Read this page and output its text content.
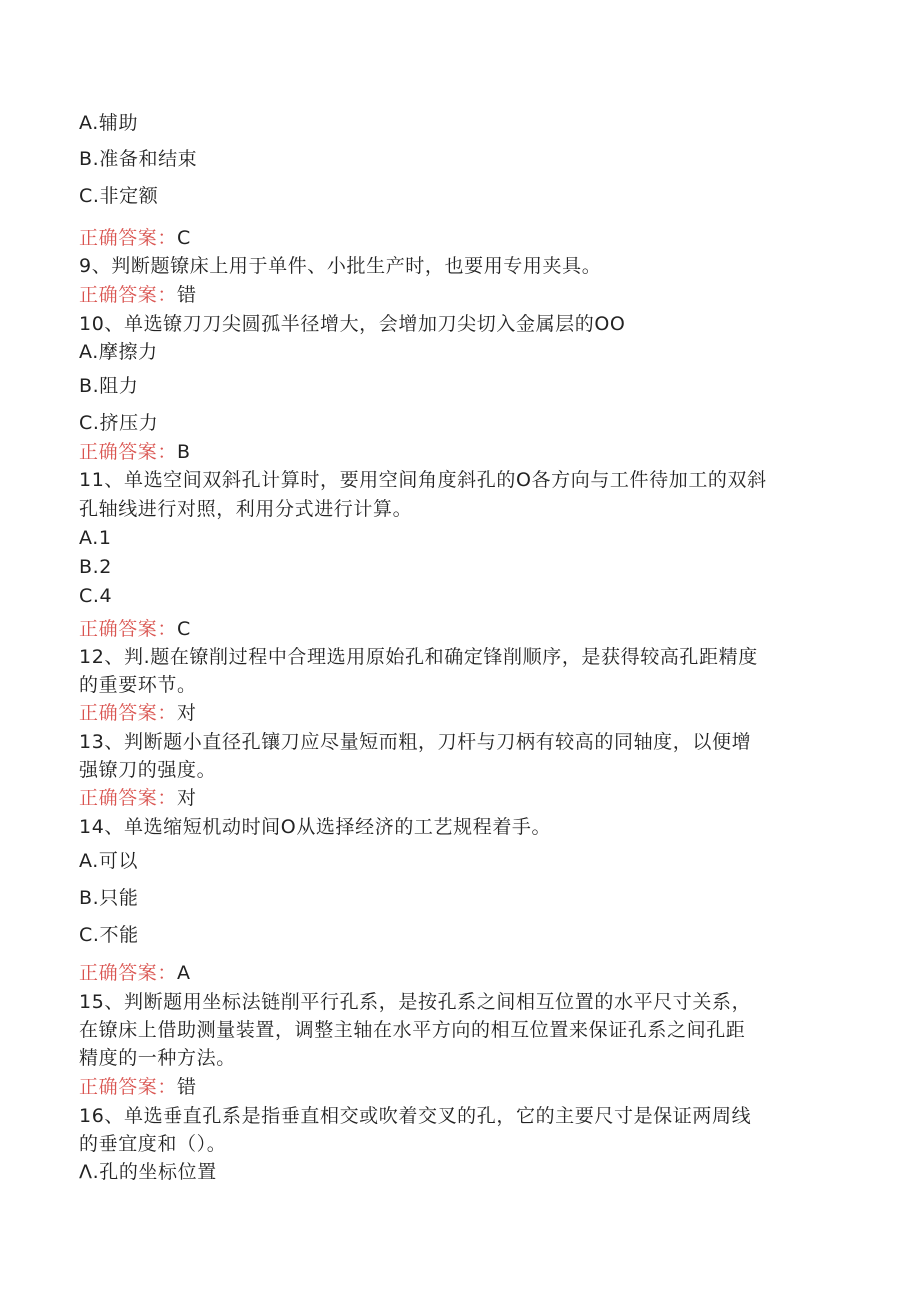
A.辅助
B.准备和结束
C.非定额
正确答案：C
9、判断题镣床上用于单件、小批生产时，也要用专用夹具。
正确答案：错
10、单选镣刀刀尖圆孤半径增大，会增加刀尖切入金属层的OO
A.摩擦力
B.阻力
C.挤压力
正确答案：B
11、单选空间双斜孔计算时，要用空间角度斜孔的O各方向与工件待加工的双斜
孔轴线进行对照，利用分式进行计算。
A.1
B.2
C.4
正确答案：C
12、判.题在镣削过程中合理选用原始孔和确定锋削顺序，是获得较高孔距精度
的重要环节。
正确答案：对
13、判断题小直径孔镶刀应尽量短而粗，刀杆与刀柄有较高的同轴度，以便增
强镣刀的强度。
正确答案：对
14、单选缩短机动时间O从选择经济的工艺规程着手。
A.可以
B.只能
C.不能
正确答案：A
15、判断题用坐标法链削平行孔系，是按孔系之间相互位置的水平尺寸关系，
在镣床上借助测量装置，调整主轴在水平方向的相互位置来保证孔系之间孔距
精度的一种方法。
正确答案：错
16、单选垂直孔系是指垂直相交或吹着交叉的孔，它的主要尺寸是保证两周线
的垂宜度和（）。
Λ.孔的坐标位置
